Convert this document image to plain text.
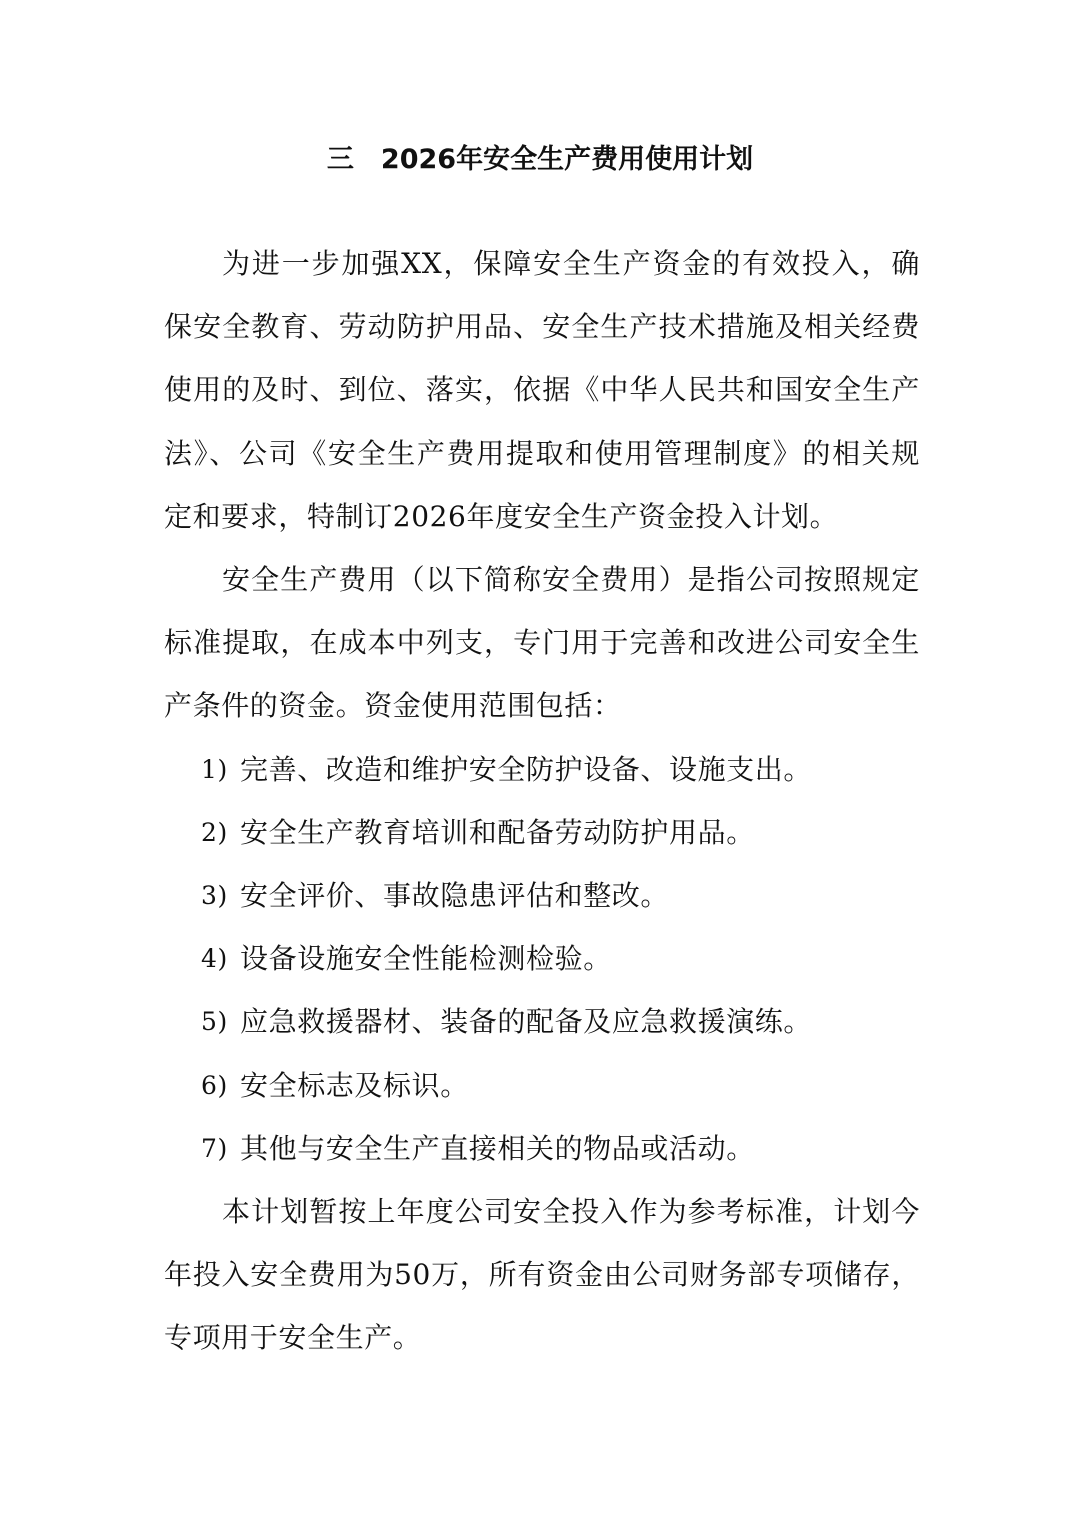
三　2026年安全生产费用使用计划

为进一步加强XX，保障安全生产资金的有效投入，确保安全教育、劳动防护用品、安全生产技术措施及相关经费使用的及时、到位、落实，依据《中华人民共和国安全生产法》、公司《安全生产费用提取和使用管理制度》的相关规定和要求，特制订2026年度安全生产资金投入计划。

安全生产费用（以下简称安全费用）是指公司按照规定标准提取，在成本中列支，专门用于完善和改进公司安全生产条件的资金。资金使用范围包括：

1) 完善、改造和维护安全防护设备、设施支出。
2) 安全生产教育培训和配备劳动防护用品。
3) 安全评价、事故隐患评估和整改。
4) 设备设施安全性能检测检验。
5) 应急救援器材、装备的配备及应急救援演练。
6) 安全标志及标识。
7) 其他与安全生产直接相关的物品或活动。

本计划暂按上年度公司安全投入作为参考标准，计划今年投入安全费用为50万，所有资金由公司财务部专项储存，专项用于安全生产。
